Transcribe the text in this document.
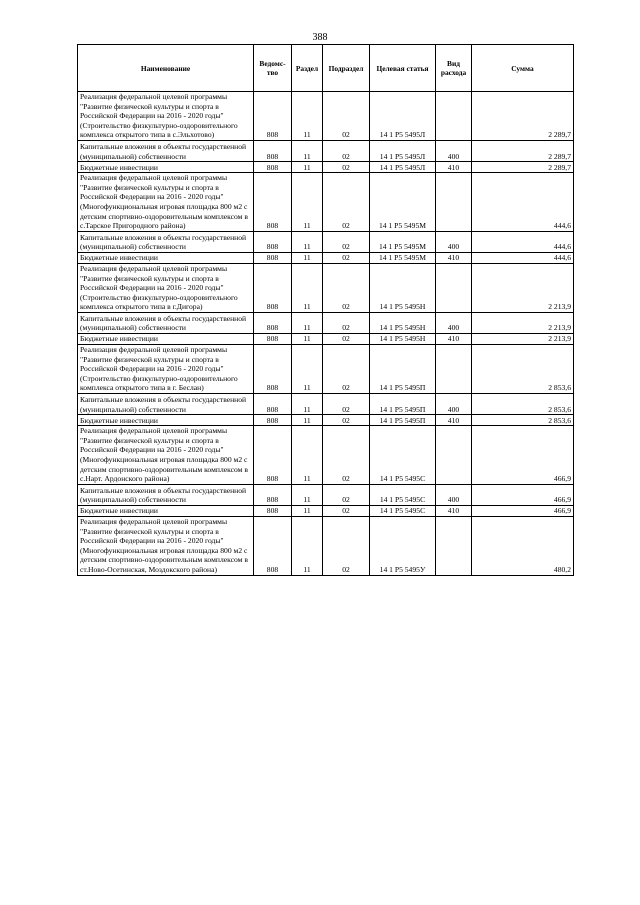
388
Наименование	Ведомс-тво	Раздел	Подраздел	Целевая статья	Вид расхода	Сумма
Реализация федеральной целевой программы "Развитие физической культуры и спорта в Российской Федерации на 2016 - 2020 годы"(Строительство физкультурно-оздоровительного комплекса открытого типа в с.Эльхотово)	808	11	02	14 1 P5 5495Л		2 289,7
Капитальные вложения в объекты государственной (муниципальной) собственности	808	11	02	14 1 P5 5495Л	400	2 289,7
Бюджетные инвестиции	808	11	02	14 1 P5 5495Л	410	2 289,7
Реализация федеральной целевой программы "Развитие физической культуры и спорта в Российской Федерации на 2016 - 2020 годы"(Многофункциональная игровая площадка 800 м2 с детским спортивно-оздоровительным комплексом в с.Тарское Пригородного района)	808	11	02	14 1 P5 5495М		444,6
Капитальные вложения в объекты государственной (муниципальной) собственности	808	11	02	14 1 P5 5495М	400	444,6
Бюджетные инвестиции	808	11	02	14 1 P5 5495М	410	444,6
Реализация федеральной целевой программы "Развитие физической культуры и спорта в Российской Федерации на 2016 - 2020 годы"(Строительство физкультурно-оздоровительного комплекса открытого типа в г.Дигора)	808	11	02	14 1 P5 5495Н		2 213,9
Капитальные вложения в объекты государственной (муниципальной) собственности	808	11	02	14 1 P5 5495Н	400	2 213,9
Бюджетные инвестиции	808	11	02	14 1 P5 5495Н	410	2 213,9
Реализация федеральной целевой программы "Развитие физической культуры и спорта в Российской Федерации на 2016 - 2020 годы"(Строительство физкультурно-оздоровительного комплекса открытого типа в г. Беслан)	808	11	02	14 1 P5 5495П		2 853,6
Капитальные вложения в объекты государственной (муниципальной) собственности	808	11	02	14 1 P5 5495П	400	2 853,6
Бюджетные инвестиции	808	11	02	14 1 P5 5495П	410	2 853,6
Реализация федеральной целевой программы "Развитие физической культуры и спорта в Российской Федерации на 2016 - 2020 годы"(Многофункциональная игровая площадка 800 м2 с детским спортивно-оздоровительным комплексом в с.Нарт. Ардонского района)	808	11	02	14 1 P5 5495С		466,9
Капитальные вложения в объекты государственной (муниципальной) собственности	808	11	02	14 1 P5 5495С	400	466,9
Бюджетные инвестиции	808	11	02	14 1 P5 5495С	410	466,9
Реализация федеральной целевой программы "Развитие физической культуры и спорта в Российской Федерации на 2016 - 2020 годы"(Многофункциональная игровая площадка 800 м2 с детским спортивно-оздоровительным комплексом в ст.Ново-Осетинская, Моздокского района)	808	11	02	14 1 P5 5495У		480,2
